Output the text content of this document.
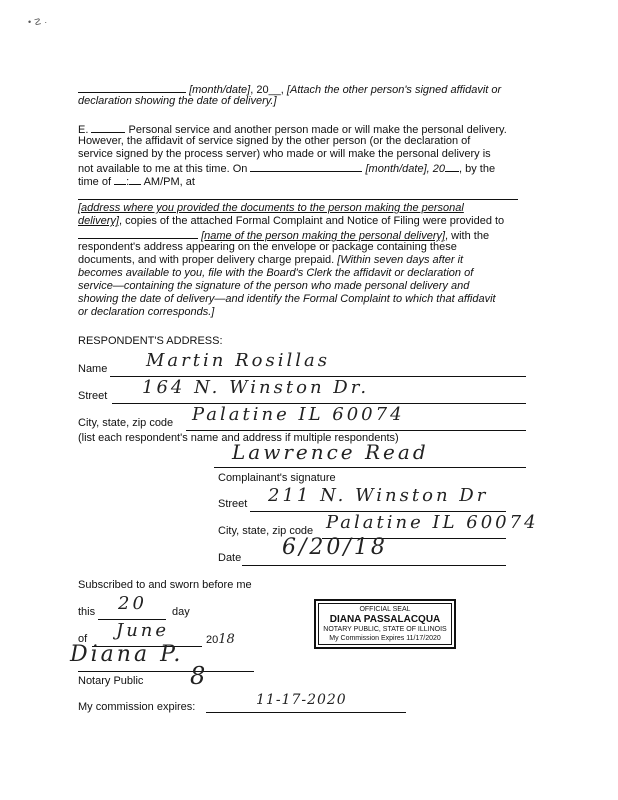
• ☡ ·
[month/date], 20__, [Attach the other person's signed affidavit or
declaration showing the date of delivery.]
E.	Personal service and another person made or will make the personal delivery.
However, the affidavit of service signed by the other person (or the declaration of
service signed by the process server) who made or will make the personal delivery is
not available to me at this time. On	[month/date], 20 , by the
time of : AM/PM, at
[address where you provided the documents to the person making the personal
delivery], copies of the attached Formal Complaint and Notice of Filing were provided to
[name of the person making the personal delivery], with the
respondent's address appearing on the envelope or package containing these
documents, and with proper delivery charge prepaid. [Within seven days after it
becomes available to you, file with the Board's Clerk the affidavit or declaration of
service—containing the signature of the person who made personal delivery and
showing the date of delivery—and identify the Formal Complaint to which that affidavit
or declaration corresponds.]
RESPONDENT'S ADDRESS:
Name Martin Rosillas
Street 164 N. Winston Dr.
City, state, zip code Palatine IL 60074
(list each respondent's name and address if multiple respondents)
Lawrence Read
Complainant's signature
Street 211 N. Winston Dr
City, state, zip code Palatine IL 60074
Date 6/20/18
Subscribed to and sworn before me
this 20 day
of June	2018
Diana P.
Notary Public 8
My commission expires:	11-17-2020
OFFICIAL SEAL
DIANA PASSALACQUA
NOTARY PUBLIC, STATE OF ILLINOIS
My Commission Expires 11/17/2020
